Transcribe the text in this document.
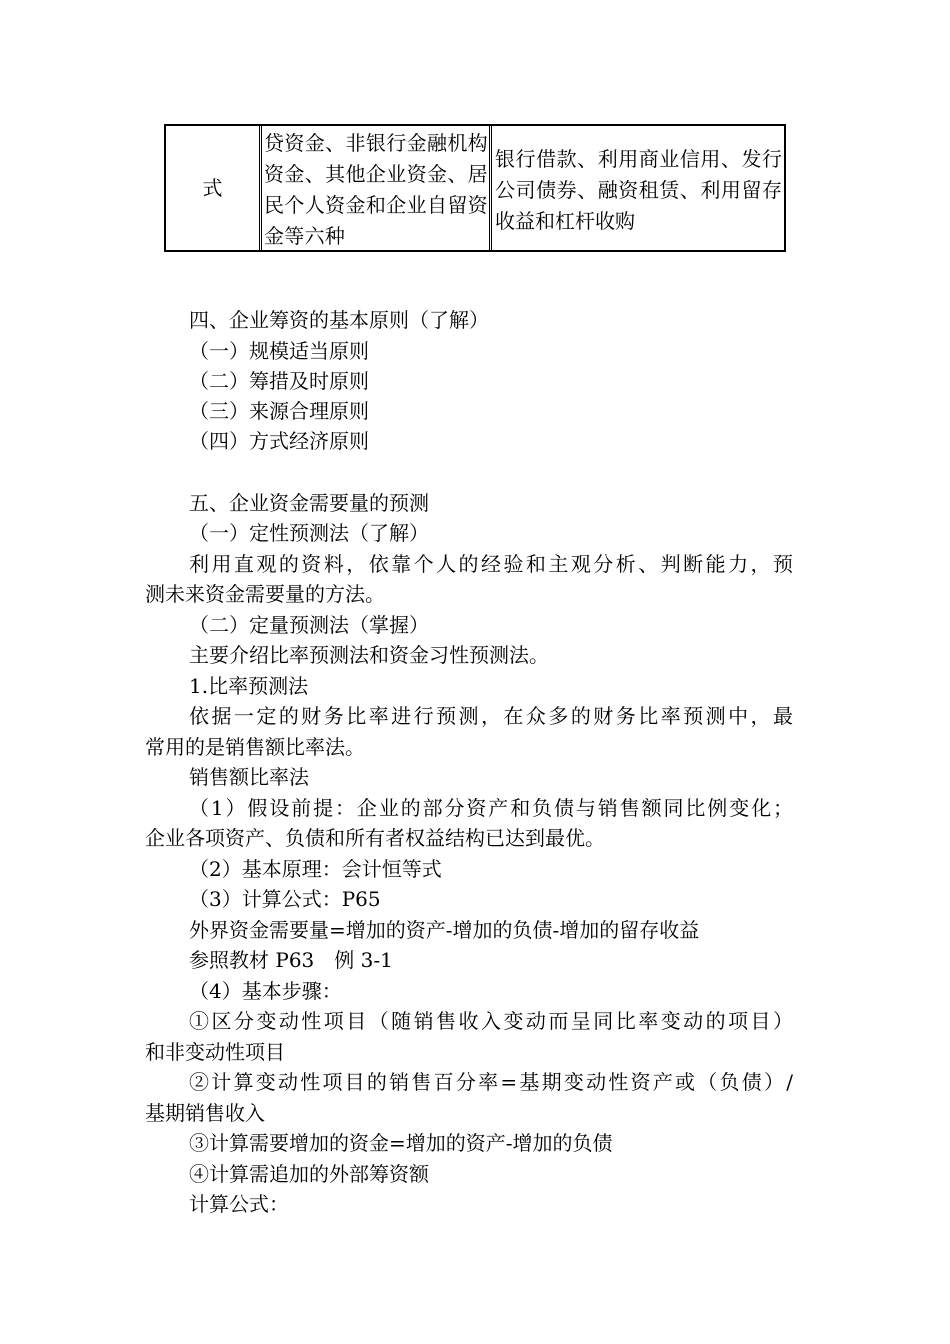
式
贷资金、非银行金融机构资金、其他企业资金、居民个人资金和企业自留资金等六种
银行借款、利用商业信用、发行公司债券、融资租赁、利用留存收益和杠杆收购
四、企业筹资的基本原则（了解）
（一）规模适当原则
（二）筹措及时原则
（三）来源合理原则
（四）方式经济原则
五、企业资金需要量的预测
（一）定性预测法（了解）
利用直观的资料，依靠个人的经验和主观分析、判断能力，预
测未来资金需要量的方法。
（二）定量预测法（掌握）
主要介绍比率预测法和资金习性预测法。
1.比率预测法
依据一定的财务比率进行预测，在众多的财务比率预测中，最
常用的是销售额比率法。
销售额比率法
（1）假设前提：企业的部分资产和负债与销售额同比例变化；
企业各项资产、负债和所有者权益结构已达到最优。
（2）基本原理：会计恒等式
（3）计算公式：P65
外界资金需要量=增加的资产-增加的负债-增加的留存收益
参照教材 P63　例 3-1
（4）基本步骤：
①区分变动性项目（随销售收入变动而呈同比率变动的项目）
和非变动性项目
②计算变动性项目的销售百分率=基期变动性资产或（负债）/
基期销售收入
③计算需要增加的资金=增加的资产-增加的负债
④计算需追加的外部筹资额
计算公式：
